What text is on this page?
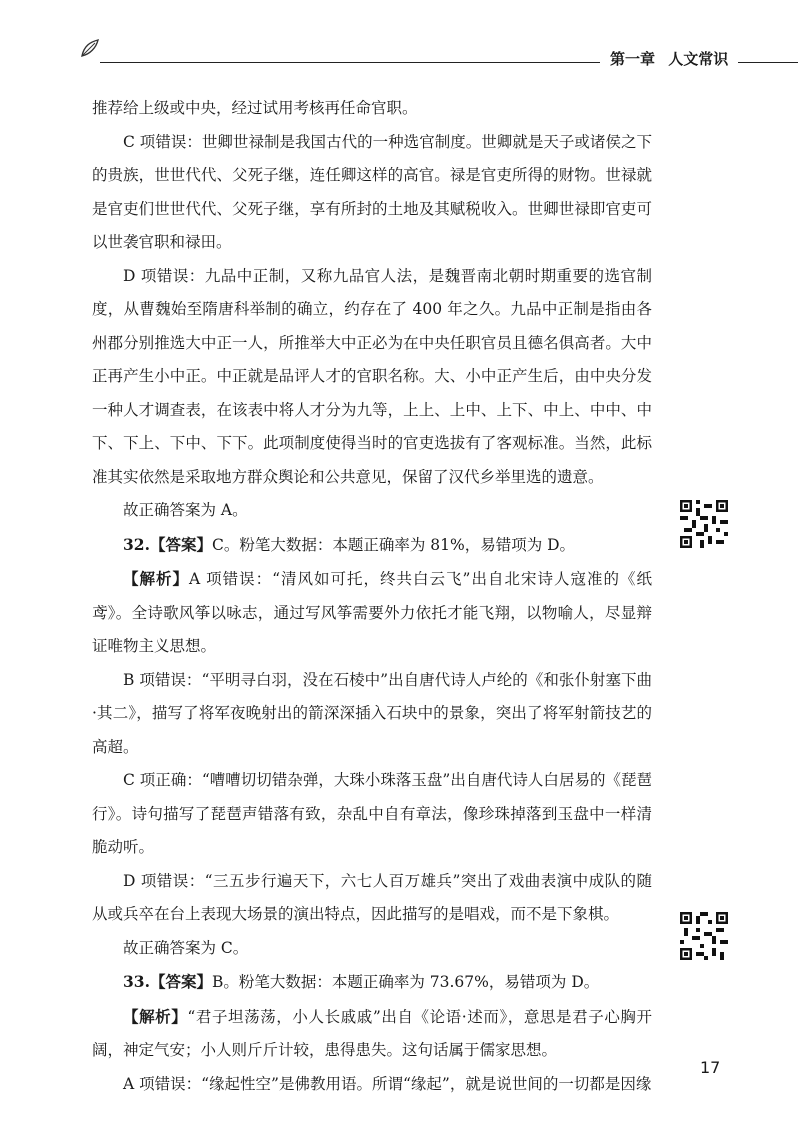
第一章 人文常识

推荐给上级或中央，经过试用考核再任命官职。

C 项错误：世卿世禄制是我国古代的一种选官制度。世卿就是天子或诸侯之下的贵族，世世代代、父死子继，连任卿这样的高官。禄是官吏所得的财物。世禄就是官吏们世世代代、父死子继，享有所封的土地及其赋税收入。世卿世禄即官吏可以世袭官职和禄田。

D 项错误：九品中正制，又称九品官人法，是魏晋南北朝时期重要的选官制度，从曹魏始至隋唐科举制的确立，约存在了 400 年之久。九品中正制是指由各州郡分别推选大中正一人，所推举大中正必为在中央任职官员且德名俱高者。大中正再产生小中正。中正就是品评人才的官职名称。大、小中正产生后，由中央分发一种人才调查表，在该表中将人才分为九等，上上、上中、上下、中上、中中、中下、下上、下中、下下。此项制度使得当时的官吏选拔有了客观标准。当然，此标准其实依然是采取地方群众舆论和公共意见，保留了汉代乡举里选的遗意。

故正确答案为 A。

32.【答案】C。粉笔大数据：本题正确率为 81%，易错项为 D。

【解析】A 项错误：“清风如可托，终共白云飞”出自北宋诗人寇准的《纸鸢》。全诗歌风筝以咏志，通过写风筝需要外力依托才能飞翔，以物喻人，尽显辩证唯物主义思想。

B 项错误：“平明寻白羽，没在石棱中”出自唐代诗人卢纶的《和张仆射塞下曲·其二》，描写了将军夜晚射出的箭深深插入石块中的景象，突出了将军射箭技艺的高超。

C 项正确：“嘈嘈切切错杂弹，大珠小珠落玉盘”出自唐代诗人白居易的《琵琶行》。诗句描写了琵琶声错落有致，杂乱中自有章法，像珍珠掉落到玉盘中一样清脆动听。

D 项错误：“三五步行遍天下，六七人百万雄兵”突出了戏曲表演中成队的随从或兵卒在台上表现大场景的演出特点，因此描写的是唱戏，而不是下象棋。

故正确答案为 C。

33.【答案】B。粉笔大数据：本题正确率为 73.67%，易错项为 D。

【解析】“君子坦荡荡，小人长戚戚”出自《论语·述而》，意思是君子心胸开阔，神定气安；小人则斤斤计较，患得患失。这句话属于儒家思想。

A 项错误：“缘起性空”是佛教用语。所谓“缘起”，就是说世间的一切都是因缘

17
